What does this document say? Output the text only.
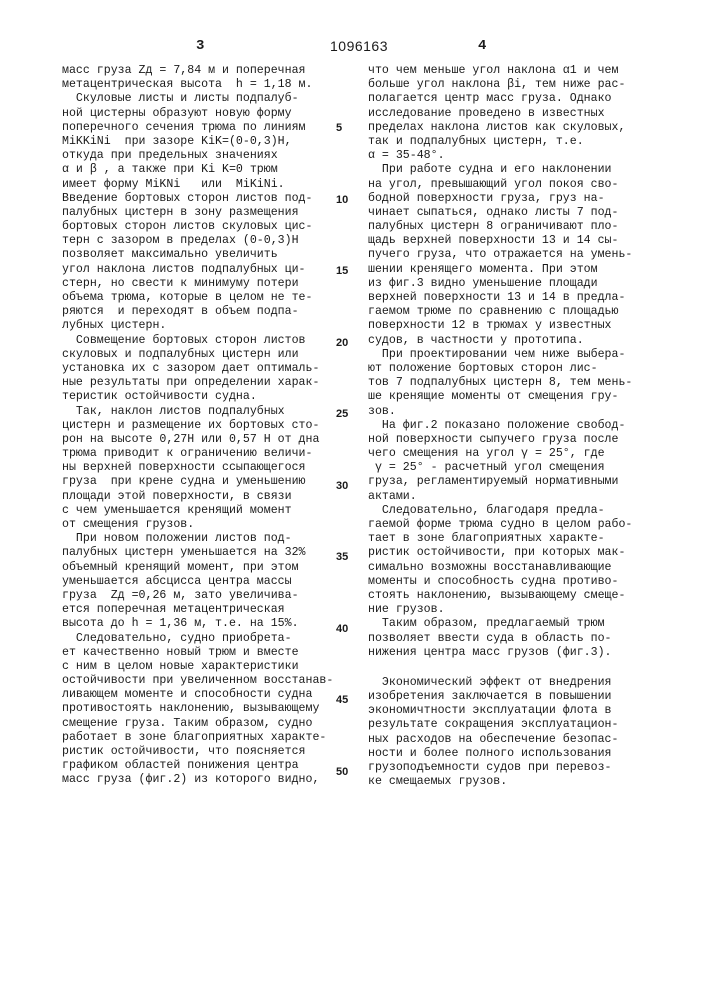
3	1096163	4
масс груза Zд = 7,84 м и поперечная
метацентрическая высота  h = 1,18 м.
Скуловые листы и листы подпалуб-
ной цистерны образуют новую форму
поперечного сечения трюма по линиям
MiKKiNi  при зазоре KiK=(0-0,3)H,
откуда при предельных значениях
α и β , а также при Ki K=0 трюм
имеет форму MiKNi   или  MiKiNi.
Введение бортовых сторон листов под-
палубных цистерн в зону размещения
бортовых сторон листов скуловых цис-
терн с зазором в пределах (0-0,3)H
позволяет максимально увеличить
угол наклона листов подпалубных ци-
стерн, но свести к минимуму потери
объема трюма, которые в целом не те-
ряются  и переходят в объем подпа-
лубных цистерн.
Совмещение бортовых сторон листов
скуловых и подпалубных цистерн или
установка их с зазором дает оптималь-
ные результаты при определении харак-
теристик остойчивости судна.
Так, наклон листов подпалубных
цистерн и размещение их бортовых сто-
рон на высоте 0,27H или 0,57 H от дна
трюма приводит к ограничению величи-
ны верхней поверхности ссыпающегося
груза  при крене судна и уменьшению
площади этой поверхности, в связи
с чем уменьшается кренящий момент
от смещения грузов.
При новом положении листов под-
палубных цистерн уменьшается на 32%
объемный кренящий момент, при этом
уменьшается абсцисса центра массы
груза  Zд =0,26 м, зато увеличива-
ется поперечная метацентрическая
высота до h = 1,36 м, т.е. на 15%.
Следовательно, судно приобрета-
ет качественно новый трюм и вместе
с ним в целом новые характеристики
остойчивости при увеличенном восстанав-
ливающем моменте и способности судна
противостоять наклонению, вызывающему
смещение груза. Таким образом, судно
работает в зоне благоприятных характе-
ристик остойчивости, что поясняется
графиком областей понижения центра
масс груза (фиг.2) из которого видно,
что чем меньше угол наклона α1 и чем
больше угол наклона βi, тем ниже рас-
полагается центр масс груза. Однако
исследование проведено в известных
пределах наклона листов как скуловых,
так и подпалубных цистерн, т.е.
α = 35-48°.
При работе судна и его наклонении
на угол, превышающий угол покоя сво-
бодной поверхности груза, груз на-
чинает сыпаться, однако листы 7 под-
палубных цистерн 8 ограничивают пло-
щадь верхней поверхности 13 и 14 сы-
пучего груза, что отражается на умень-
шении кренящего момента. При этом
из фиг.3 видно уменьшение площади
верхней поверхности 13 и 14 в предла-
гаемом трюме по сравнению с площадью
поверхности 12 в трюмах у известных
судов, в частности у прототипа.
При проектировании чем ниже выбера-
ют положение бортовых сторон лис-
тов 7 подпалубных цистерн 8, тем мень-
ше кренящие моменты от смещения гру-
зов.
На фиг.2 показано положение свобод-
ной поверхности сыпучего груза после
чего смещения на угол γ = 25°, где
γ = 25° - расчетный угол смещения
груза, регламентируемый нормативными
актами.
Следовательно, благодаря предла-
гаемой форме трюма судно в целом рабо-
тает в зоне благоприятных характе-
ристик остойчивости, при которых мак-
симально возможны восстанавливающие
моменты и способность судна противо-
стоять наклонению, вызывающему смеще-
ние грузов.
Таким образом, предлагаемый трюм
позволяет ввести суда в область по-
нижения центра масс грузов (фиг.3).
Экономический эффект от внедрения
изобретения заключается в повышении
экономичтности эксплуатации флота в
результате сокращения эксплуатацион-
ных расходов на обеспечение безопас-
ности и более полного использования
грузоподъемности судов при перевоз-
ке смещаемых грузов.
5
10
15
20
25
30
35
40
45
50
